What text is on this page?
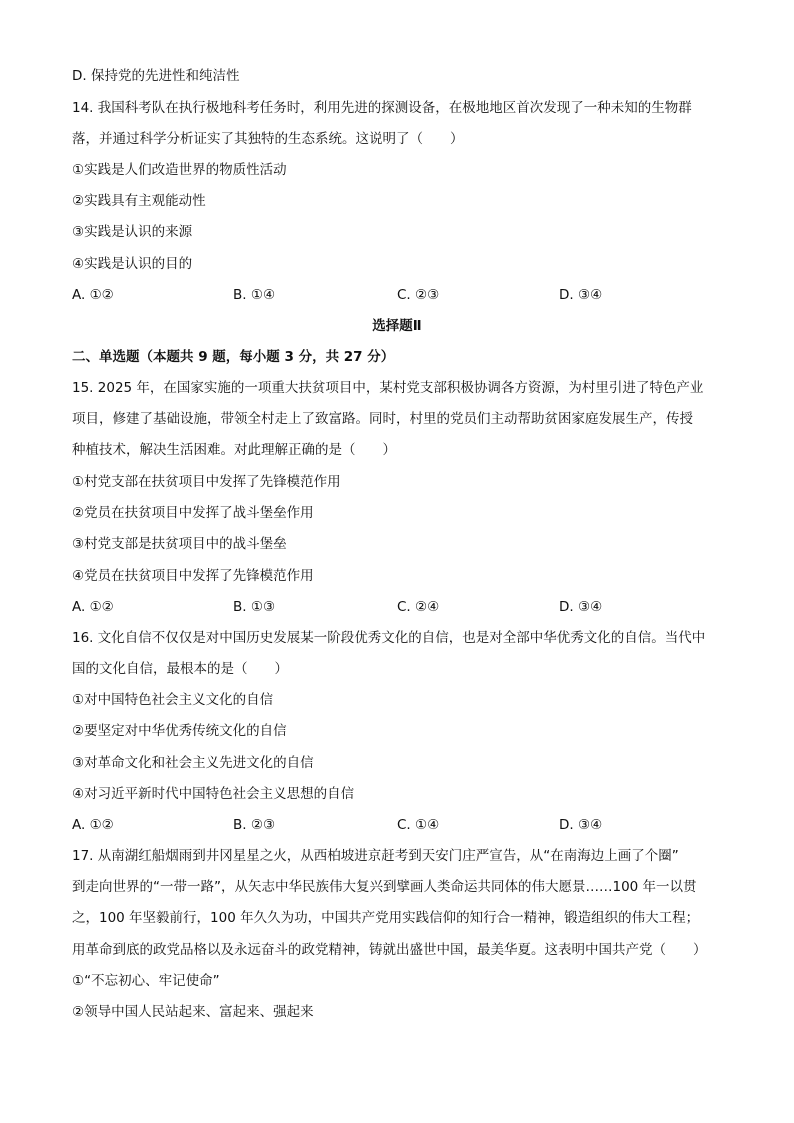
D. 保持党的先进性和纯洁性
14. 我国科考队在执行极地科考任务时，利用先进的探测设备，在极地地区首次发现了一种未知的生物群
落，并通过科学分析证实了其独特的生态系统。这说明了（　　）
①实践是人们改造世界的物质性活动
②实践具有主观能动性
③实践是认识的来源
④实践是认识的目的
A. ①②	B. ①④	C. ②③	D. ③④
选择题Ⅱ
二、单选题（本题共 9 题，每小题 3 分，共 27 分）
15. 2025 年，在国家实施的一项重大扶贫项目中，某村党支部积极协调各方资源，为村里引进了特色产业
项目，修建了基础设施，带领全村走上了致富路。同时，村里的党员们主动帮助贫困家庭发展生产，传授
种植技术，解决生活困难。对此理解正确的是（　　）
①村党支部在扶贫项目中发挥了先锋模范作用
②党员在扶贫项目中发挥了战斗堡垒作用
③村党支部是扶贫项目中的战斗堡垒
④党员在扶贫项目中发挥了先锋模范作用
A. ①②	B. ①③	C. ②④	D. ③④
16. 文化自信不仅仅是对中国历史发展某一阶段优秀文化的自信，也是对全部中华优秀文化的自信。当代中
国的文化自信，最根本的是（　　）
①对中国特色社会主义文化的自信
②要坚定对中华优秀传统文化的自信
③对革命文化和社会主义先进文化的自信
④对习近平新时代中国特色社会主义思想的自信
A. ①②	B. ②③	C. ①④	D. ③④
17. 从南湖红船烟雨到井冈星星之火，从西柏坡进京赶考到天安门庄严宣告，从“在南海边上画了个圈”
到走向世界的“一带一路”，从矢志中华民族伟大复兴到擘画人类命运共同体的伟大愿景……100 年一以贯
之，100 年坚毅前行，100 年久久为功，中国共产党用实践信仰的知行合一精神，锻造组织的伟大工程；
用革命到底的政党品格以及永远奋斗的政党精神，铸就出盛世中国，最美华夏。这表明中国共产党（　　）
①“不忘初心、牢记使命”
②领导中国人民站起来、富起来、强起来
